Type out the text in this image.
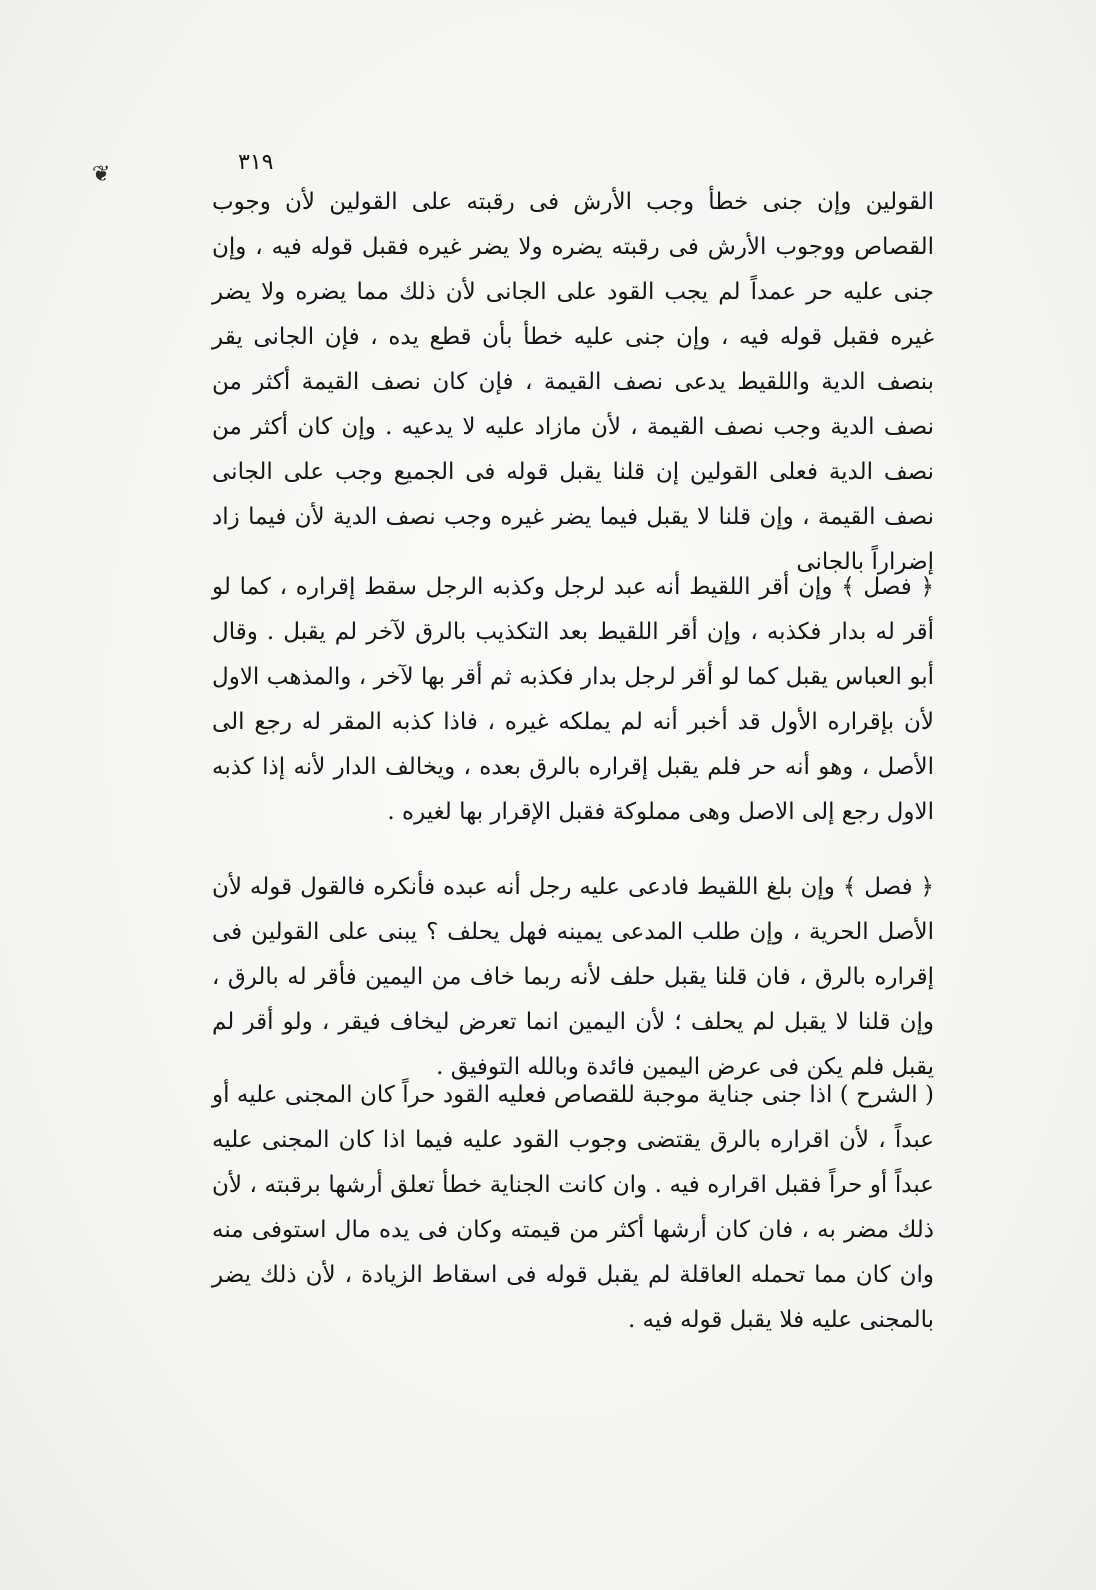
٣١٩
❦

القولين وإن جنى خطأ وجب الأرش فى رقبته على القولين لأن وجوب القصاص ووجوب الأرش فى رقبته يضره ولا يضر غيره فقبل قوله فيه ، وإن جنى عليه حر عمداً لم يجب القود على الجانى لأن ذلك مما يضره ولا يضر غيره فقبل قوله فيه ، وإن جنى عليه خطأ بأن قطع يده ، فإن الجانى يقر بنصف الدية واللقيط يدعى نصف القيمة ، فإن كان نصف القيمة أكثر من نصف الدية وجب نصف القيمة ، لأن مازاد عليه لا يدعيه . وإن كان أكثر من نصف الدية فعلى القولين إن قلنا يقبل قوله فى الجميع وجب على الجانى نصف القيمة ، وإن قلنا لا يقبل فيما يضر غيره وجب نصف الدية لأن فيما زاد إضراراً بالجانى

﴿ فصل ﴾ وإن أقر اللقيط أنه عبد لرجل وكذبه الرجل سقط إقراره ، كما لو أقر له بدار فكذبه ، وإن أقر اللقيط بعد التكذيب بالرق لآخر لم يقبل . وقال أبو العباس يقبل كما لو أقر لرجل بدار فكذبه ثم أقر بها لآخر ، والمذهب الاول لأن بإقراره الأول قد أخبر أنه لم يملكه غيره ، فاذا كذبه المقر له رجع الى الأصل ، وهو أنه حر فلم يقبل إقراره بالرق بعده ، ويخالف الدار لأنه إذا كذبه الاول رجع إلى الاصل وهى مملوكة فقبل الإقرار بها لغيره .

﴿ فصل ﴾ وإن بلغ اللقيط فادعى عليه رجل أنه عبده فأنكره فالقول قوله لأن الأصل الحرية ، وإن طلب المدعى يمينه فهل يحلف ؟ يبنى على القولين فى إقراره بالرق ، فان قلنا يقبل حلف لأنه ربما خاف من اليمين فأقر له بالرق ، وإن قلنا لا يقبل لم يحلف ؛ لأن اليمين انما تعرض ليخاف فيقر ، ولو أقر لم يقبل فلم يكن فى عرض اليمين فائدة وبالله التوفيق .

( الشرح ) اذا جنى جناية موجبة للقصاص فعليه القود حراً كان المجنى عليه أو عبداً ، لأن اقراره بالرق يقتضى وجوب القود عليه فيما اذا كان المجنى عليه عبداً أو حراً فقبل اقراره فيه . وان كانت الجناية خطأ تعلق أرشها برقبته ، لأن ذلك مضر به ، فان كان أرشها أكثر من قيمته وكان فى يده مال استوفى منه وان كان مما تحمله العاقلة لم يقبل قوله فى اسقاط الزيادة ، لأن ذلك يضر بالمجنى عليه فلا يقبل قوله فيه .
